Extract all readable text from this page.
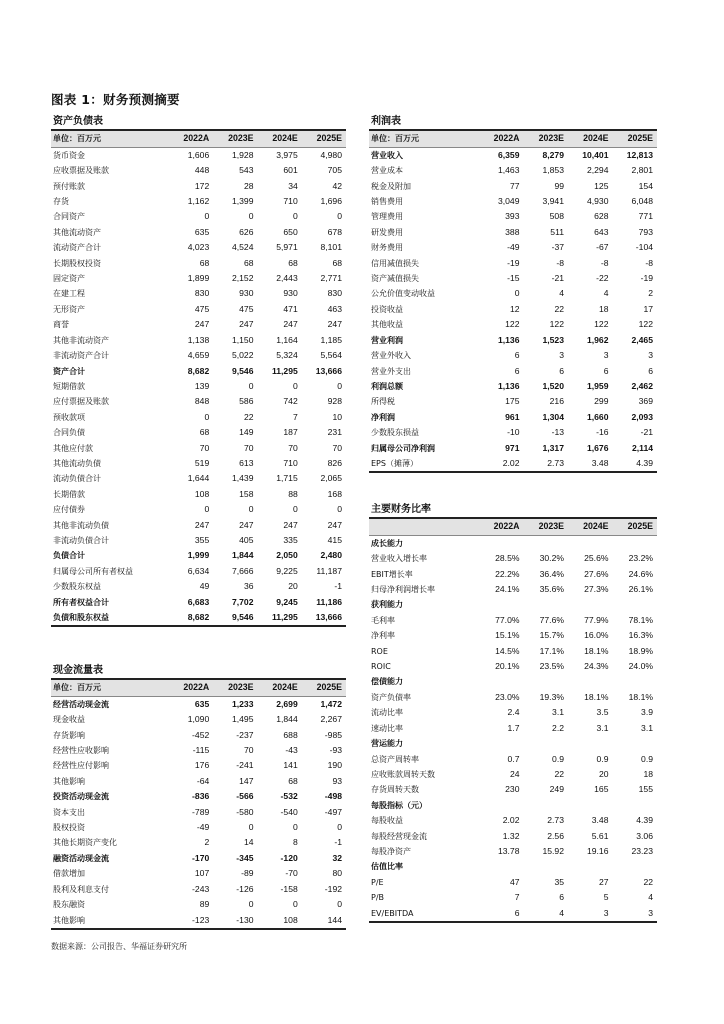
图表 1：财务预测摘要
资产负债表				
单位：百万元	2022A	2023E	2024E	2025E
货币资金	1,606	1,928	3,975	4,980
应收票据及账款	448	543	601	705
预付账款	172	28	34	42
存货	1,162	1,399	710	1,696
合同资产	0	0	0	0
其他流动资产	635	626	650	678
流动资产合计	4,023	4,524	5,971	8,101
长期股权投资	68	68	68	68
固定资产	1,899	2,152	2,443	2,771
在建工程	830	930	930	830
无形资产	475	475	471	463
商誉	247	247	247	247
其他非流动资产	1,138	1,150	1,164	1,185
非流动资产合计	4,659	5,022	5,324	5,564
资产合计	8,682	9,546	11,295	13,666
短期借款	139	0	0	0
应付票据及账款	848	586	742	928
预收款项	0	22	7	10
合同负债	68	149	187	231
其他应付款	70	70	70	70
其他流动负债	519	613	710	826
流动负债合计	1,644	1,439	1,715	2,065
长期借款	108	158	88	168
应付债券	0	0	0	0
其他非流动负债	247	247	247	247
非流动负债合计	355	405	335	415
负债合计	1,999	1,844	2,050	2,480
归属母公司所有者权益	6,634	7,666	9,225	11,187
少数股东权益	49	36	20	-1
所有者权益合计	6,683	7,702	9,245	11,186
负债和股东权益	8,682	9,546	11,295	13,666
现金流量表				
单位：百万元	2022A	2023E	2024E	2025E
经营活动现金流	635	1,233	2,699	1,472
现金收益	1,090	1,495	1,844	2,267
存货影响	-452	-237	688	-985
经营性应收影响	-115	70	-43	-93
经营性应付影响	176	-241	141	190
其他影响	-64	147	68	93
投资活动现金流	-836	-566	-532	-498
资本支出	-789	-580	-540	-497
股权投资	-49	0	0	0
其他长期资产变化	2	14	8	-1
融资活动现金流	-170	-345	-120	32
借款增加	107	-89	-70	80
股利及利息支付	-243	-126	-158	-192
股东融资	89	0	0	0
其他影响	-123	-130	108	144
利润表				
单位：百万元	2022A	2023E	2024E	2025E
营业收入	6,359	8,279	10,401	12,813
营业成本	1,463	1,853	2,294	2,801
税金及附加	77	99	125	154
销售费用	3,049	3,941	4,930	6,048
管理费用	393	508	628	771
研发费用	388	511	643	793
财务费用	-49	-37	-67	-104
信用减值损失	-19	-8	-8	-8
资产减值损失	-15	-21	-22	-19
公允价值变动收益	0	4	4	2
投资收益	12	22	18	17
其他收益	122	122	122	122
营业利润	1,136	1,523	1,962	2,465
营业外收入	6	3	3	3
营业外支出	6	6	6	6
利润总额	1,136	1,520	1,959	2,462
所得税	175	216	299	369
净利润	961	1,304	1,660	2,093
少数股东损益	-10	-13	-16	-21
归属母公司净利润	971	1,317	1,676	2,114
EPS（摊薄）	2.02	2.73	3.48	4.39
主要财务比率				
	2022A	2023E	2024E	2025E
成长能力				
营业收入增长率	28.5%	30.2%	25.6%	23.2%
EBIT增长率	22.2%	36.4%	27.6%	24.6%
归母净利润增长率	24.1%	35.6%	27.3%	26.1%
获利能力				
毛利率	77.0%	77.6%	77.9%	78.1%
净利率	15.1%	15.7%	16.0%	16.3%
ROE	14.5%	17.1%	18.1%	18.9%
ROIC	20.1%	23.5%	24.3%	24.0%
偿债能力				
资产负债率	23.0%	19.3%	18.1%	18.1%
流动比率	2.4	3.1	3.5	3.9
速动比率	1.7	2.2	3.1	3.1
营运能力				
总资产周转率	0.7	0.9	0.9	0.9
应收账款周转天数	24	22	20	18
存货周转天数	230	249	165	155
每股指标（元）				
每股收益	2.02	2.73	3.48	4.39
每股经营现金流	1.32	2.56	5.61	3.06
每股净资产	13.78	15.92	19.16	23.23
估值比率				
P/E	47	35	27	22
P/B	7	6	5	4
EV/EBITDA	6	4	3	3
数据来源：公司报告、华福证券研究所
